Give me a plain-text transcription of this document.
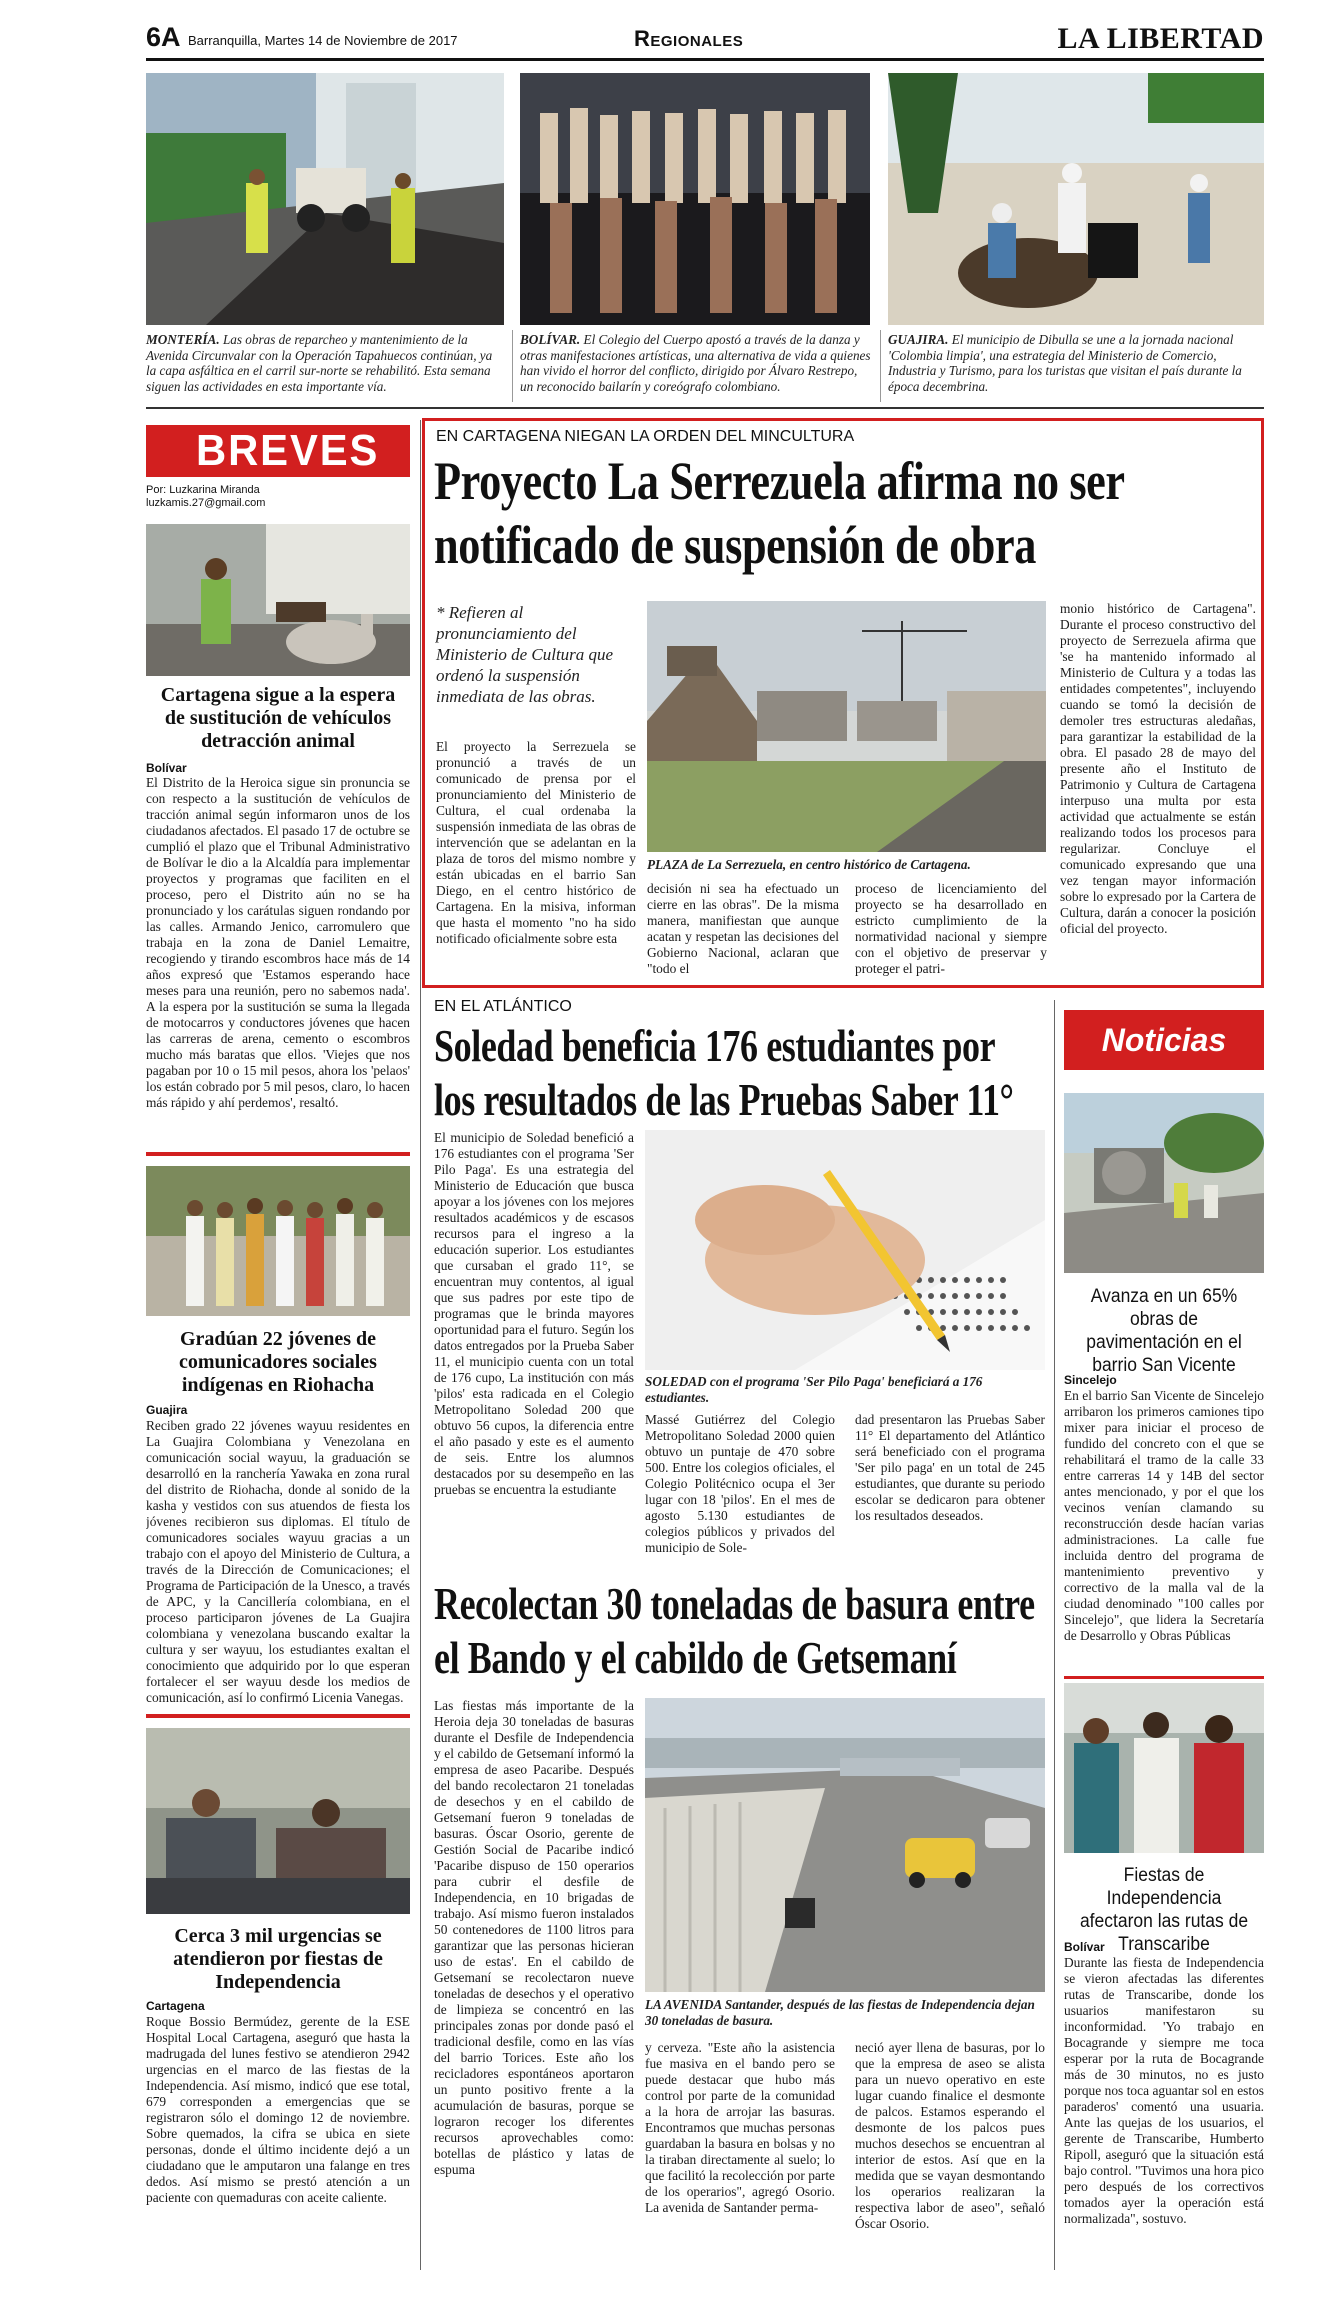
6A Barranquilla, Martes 14 de Noviembre de 2017	Regionales	LA LIBERTAD
MONTERÍA. Las obras de reparcheo y mantenimiento de la Avenida Circunvalar con la Operación Tapahuecos continúan, ya la capa asfáltica en el carril sur-norte se rehabilitó. Esta semana siguen las actividades en esta importante vía.
BOLÍVAR. El Colegio del Cuerpo apostó a través de la danza y otras manifestaciones artísticas, una alternativa de vida a quienes han vivido el horror del conflicto, dirigido por Álvaro Restrepo, un reconocido bailarín y coreógrafo colombiano.
GUAJIRA. El municipio de Dibulla se une a la jornada nacional 'Colombia limpia', una estrategia del Ministerio de Comercio, Industria y Turismo, para los turistas que visitan el país durante la época decembrina.
BREVES
Por: Luzkarina Miranda
luzkamis.27@gmail.com
Cartagena sigue a la espera de sustitución de vehículos detracción animal
Bolívar
El Distrito de la Heroica sigue sin pronuncia se con respecto a la sustitución de vehículos de tracción animal según informaron unos de los ciudadanos afectados. El pasado 17 de octubre se cumplió el plazo que el Tribunal Administrativo de Bolívar le dio a la Alcaldía para implementar proyectos y programas que faciliten en el proceso, pero el Distrito aún no se ha pronunciado y los carátulas siguen rondando por las calles. Armando Jenico, carromulero que trabaja en la zona de Daniel Lemaitre, recogiendo y tirando escombros hace más de 14 años expresó que 'Estamos esperando hace meses para una reunión, pero no sabemos nada'. A la espera por la sustitución se suma la llegada de motocarros y conductores jóvenes que hacen las carreras de arena, cemento o escombros mucho más baratas que ellos. 'Viejes que nos pagaban por 10 o 15 mil pesos, ahora los 'pelaos' los están cobrado por 5 mil pesos, claro, lo hacen más rápido y ahí perdemos', resaltó.
Gradúan 22 jóvenes de comunicadores sociales indígenas en Riohacha
Guajira
Reciben grado 22 jóvenes wayuu residentes en La Guajira Colombiana y Venezolana en comunicación social wayuu, la graduación se desarrolló en la ranchería Yawaka en zona rural del distrito de Riohacha, donde al sonido de la kasha y vestidos con sus atuendos de fiesta los jóvenes recibieron sus diplomas. El título de comunicadores sociales wayuu gracias a un trabajo con el apoyo del Ministerio de Cultura, a través de la Dirección de Comunicaciones; el Programa de Participación de la Unesco, a través de APC, y la Cancillería colombiana, en el proceso participaron jóvenes de La Guajira colombiana y venezolana buscando exaltar la cultura y ser wayuu, los estudiantes exaltan el conocimiento que adquirido por lo que esperan fortalecer el ser wayuu desde los medios de comunicación, así lo confirmó Licenia Vanegas.
Cerca 3 mil urgencias se atendieron por fiestas de Independencia
Cartagena
Roque Bossio Bermúdez, gerente de la ESE Hospital Local Cartagena, aseguró que hasta la madrugada del lunes festivo se atendieron 2942 urgencias en el marco de las fiestas de la Independencia. Así mismo, indicó que ese total, 679 corresponden a emergencias que se registraron sólo el domingo 12 de noviembre. Sobre quemados, la cifra se ubica en siete personas, donde el último incidente dejó a un ciudadano que le amputaron una falange en tres dedos. Así mismo se prestó atención a un paciente con quemaduras con aceite caliente.
EN CARTAGENA NIEGAN LA ORDEN DEL MINCULTURA
Proyecto La Serrezuela afirma no ser
notificado de suspensión de obra
* Refieren al pronunciamiento del Ministerio de Cultura que ordenó la suspensión inmediata de las obras.
El proyecto la Serrezuela se pronunció a través de un comunicado de prensa por el pronunciamiento del Ministerio de Cultura, el cual ordenaba la suspensión inmediata de las obras de intervención que se adelantan en la plaza de toros del mismo nombre y están ubicadas en el barrio San Diego, en el centro histórico de Cartagena. En la misiva, informan que hasta el momento "no ha sido notificado oficialmente sobre esta
PLAZA de La Serrezuela, en centro histórico de Cartagena.
decisión ni sea ha efectuado un cierre en las obras". De la misma manera, manifiestan que aunque acatan y respetan las decisiones del Gobierno Nacional, aclaran que "todo el
proceso de licenciamiento del proyecto se ha desarrollado en estricto cumplimiento de la normatividad nacional y siempre con el objetivo de preservar y proteger el patri-
monio histórico de Cartagena". Durante el proceso constructivo del proyecto de Serrezuela afirma que 'se ha mantenido informado al Ministerio de Cultura y a todas las entidades competentes", incluyendo cuando se tomó la decisión de demoler tres estructuras aledañas, para garantizar la estabilidad de la obra. El pasado 28 de mayo del presente año el Instituto de Patrimonio y Cultura de Cartagena interpuso una multa por esta actividad que actualmente se están realizando todos los procesos para regularizar. Concluye el comunicado expresando que una vez tengan mayor información sobre lo expresado por la Cartera de Cultura, darán a conocer la posición oficial del proyecto.
EN EL ATLÁNTICO
Soledad beneficia 176 estudiantes por
los resultados de las Pruebas Saber 11°
El municipio de Soledad benefició a 176 estudiantes con el programa 'Ser Pilo Paga'. Es una estrategia del Ministerio de Educación que busca apoyar a los jóvenes con los mejores resultados académicos y de escasos recursos para el ingreso a la educación superior. Los estudiantes que cursaban el grado 11°, se encuentran muy contentos, al igual que sus padres por este tipo de programas que le brinda mayores oportunidad para el futuro. Según los datos entregados por la Prueba Saber 11, el municipio cuenta con un total de 176 cupo, La institución con más 'pilos' esta radicada en el Colegio Metropolitano Soledad 200 que obtuvo 56 cupos, la diferencia entre el año pasado y este es el aumento de seis. Entre los alumnos destacados por su desempeño en las pruebas se encuentra la estudiante
SOLEDAD con el programa 'Ser Pilo Paga' beneficiará a 176 estudiantes.
Massé Gutiérrez del Colegio Metropolitano Soledad 2000 quien obtuvo un puntaje de 470 sobre 500. Entre los colegios oficiales, el Colegio Politécnico ocupa el 3er lugar con 18 'pilos'. En el mes de agosto 5.130 estudiantes de colegios públicos y privados del municipio de Sole-
dad presentaron las Pruebas Saber 11° El departamento del Atlántico será beneficiado con el programa 'Ser pilo paga' en un total de 245 estudiantes, que durante su periodo escolar se dedicaron para obtener los resultados deseados.
Recolectan 30 toneladas de basura entre
el Bando y el cabildo de Getsemaní
Las fiestas más importante de la Heroia deja 30 toneladas de basuras durante el Desfile de Independencia y el cabildo de Getsemaní informó la empresa de aseo Pacaribe. Después del bando recolectaron 21 toneladas de desechos y en el cabildo de Getsemaní fueron 9 toneladas de basuras. Óscar Osorio, gerente de Gestión Social de Pacaribe indicó 'Pacaribe dispuso de 150 operarios para cubrir el desfile de Independencia, en 10 brigadas de trabajo. Así mismo fueron instalados 50 contenedores de 1100 litros para garantizar que las personas hicieran uso de estas'. En el cabildo de Getsemaní se recolectaron nueve toneladas de desechos y el operativo de limpieza se concentró en las principales zonas por donde pasó el tradicional desfile, como en las vías del barrio Torices. Este año los recicladores espontáneos aportaron un punto positivo frente a la acumulación de basuras, porque se lograron recoger los diferentes recursos aprovechables como: botellas de plástico y latas de espuma
LA AVENIDA Santander, después de las fiestas de Independencia dejan 30 toneladas de basura.
y cerveza. "Este año la asistencia fue masiva en el bando pero se puede destacar que hubo más control por parte de la comunidad a la hora de arrojar las basuras. Encontramos que muchas personas guardaban la basura en bolsas y no la tiraban directamente al suelo; lo que facilitó la recolección por parte de los operarios", agregó Osorio. La avenida de Santander perma-
neció ayer llena de basuras, por lo que la empresa de aseo se alista para un nuevo operativo en este lugar cuando finalice el desmonte de palcos. Estamos esperando el desmonte de los palcos pues muchos desechos se encuentran al interior de estos. Así que en la medida que se vayan desmontando los operarios realizaran la respectiva labor de aseo", señaló Óscar Osorio.
Noticias
Avanza en un 65% obras de pavimentación en el barrio San Vicente
Sincelejo
En el barrio San Vicente de Sincelejo arribaron los primeros camiones tipo mixer para iniciar el proceso de fundido del concreto con el que se rehabilitará el tramo de la calle 33 entre carreras 14 y 14B del sector antes mencionado, y por el que los vecinos venían clamando su reconstrucción desde hacían varias administraciones. La calle fue incluida dentro del programa de mantenimiento preventivo y correctivo de la malla val de la ciudad denominado "100 calles por Sincelejo", que lidera la Secretaría de Desarrollo y Obras Públicas
Fiestas de Independencia afectaron las rutas de Transcaribe
Bolívar
Durante las fiesta de Independencia se vieron afectadas las diferentes rutas de Transcaribe, donde los usuarios manifestaron su inconformidad. 'Yo trabajo en Bocagrande y siempre me toca esperar por la ruta de Bocagrande más de 30 minutos, no es justo porque nos toca aguantar sol en estos paraderos' comentó una usuaria. Ante las quejas de los usuarios, el gerente de Transcaribe, Humberto Ripoll, aseguró que la situación está bajo control. "Tuvimos una hora pico pero después de los correctivos tomados ayer la operación está normalizada", sostuvo.
